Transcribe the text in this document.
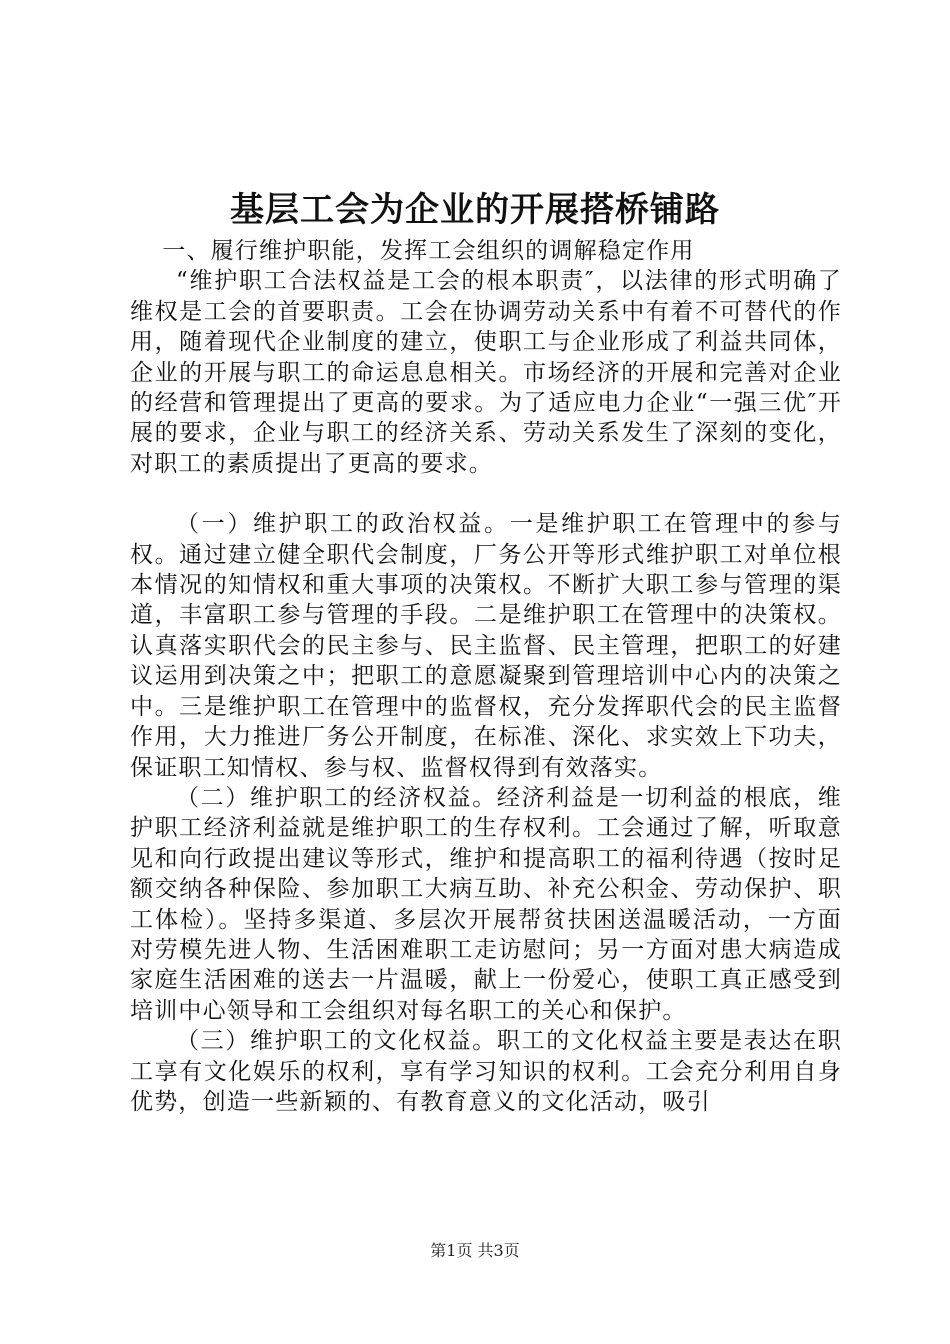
基层工会为企业的开展搭桥铺路

一、履行维护职能，发挥工会组织的调解稳定作用

“维护职工合法权益是工会的根本职责″，以法律的形式明确了维权是工会的首要职责。工会在协调劳动关系中有着不可替代的作用，随着现代企业制度的建立，使职工与企业形成了利益共同体，企业的开展与职工的命运息息相关。市场经济的开展和完善对企业的经营和管理提出了更高的要求。为了适应电力企业“一强三优″开展的要求，企业与职工的经济关系、劳动关系发生了深刻的变化，对职工的素质提出了更高的要求。

（一）维护职工的政治权益。一是维护职工在管理中的参与权。通过建立健全职代会制度，厂务公开等形式维护职工对单位根本情况的知情权和重大事项的决策权。不断扩大职工参与管理的渠道，丰富职工参与管理的手段。二是维护职工在管理中的决策权。认真落实职代会的民主参与、民主监督、民主管理，把职工的好建议运用到决策之中；把职工的意愿凝聚到管理培训中心内的决策之中。三是维护职工在管理中的监督权，充分发挥职代会的民主监督作用，大力推进厂务公开制度，在标准、深化、求实效上下功夫，保证职工知情权、参与权、监督权得到有效落实。

（二）维护职工的经济权益。经济利益是一切利益的根底，维护职工经济利益就是维护职工的生存权利。工会通过了解，听取意见和向行政提出建议等形式，维护和提高职工的福利待遇（按时足额交纳各种保险、参加职工大病互助、补充公积金、劳动保护、职工体检）。坚持多渠道、多层次开展帮贫扶困送温暖活动，一方面对劳模先进人物、生活困难职工走访慰问；另一方面对患大病造成家庭生活困难的送去一片温暖，献上一份爱心，使职工真正感受到培训中心领导和工会组织对每名职工的关心和保护。

（三）维护职工的文化权益。职工的文化权益主要是表达在职工享有文化娱乐的权利，享有学习知识的权利。工会充分利用自身优势，创造一些新颖的、有教育意义的文化活动，吸引

第1页 共3页
